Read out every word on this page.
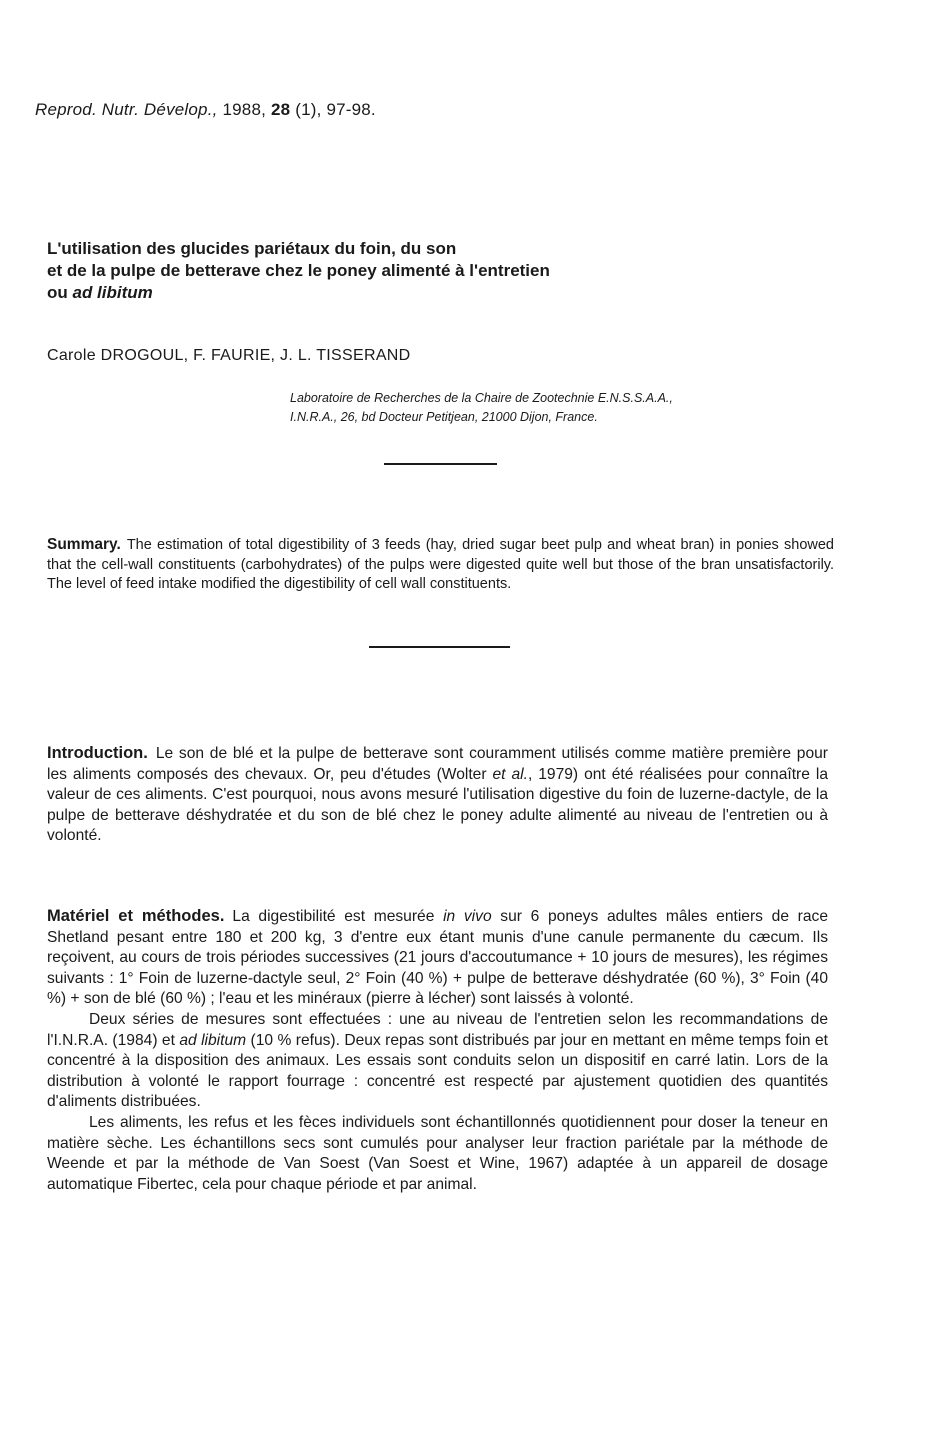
Reprod. Nutr. Dévelop., 1988, 28 (1), 97-98.
L'utilisation des glucides pariétaux du foin, du son
et de la pulpe de betterave chez le poney alimenté à l'entretien
ou ad libitum
Carole DROGOUL, F. FAURIE, J. L. TISSERAND
Laboratoire de Recherches de la Chaire de Zootechnie E.N.S.S.A.A.,
I.N.R.A., 26, bd Docteur Petitjean, 21000 Dijon, France.
Summary. The estimation of total digestibility of 3 feeds (hay, dried sugar beet pulp and wheat bran) in ponies showed that the cell-wall constituents (carbohydrates) of the pulps were digested quite well but those of the bran unsatisfactorily. The level of feed intake modified the digestibility of cell wall constituents.

Introduction. Le son de blé et la pulpe de betterave sont couramment utilisés comme matière première pour les aliments composés des chevaux. Or, peu d'études (Wolter et al., 1979) ont été réalisées pour connaître la valeur de ces aliments. C'est pourquoi, nous avons mesuré l'utilisation digestive du foin de luzerne-dactyle, de la pulpe de betterave déshydratée et du son de blé chez le poney adulte alimenté au niveau de l'entretien ou à volonté.

Matériel et méthodes. La digestibilité est mesurée in vivo sur 6 poneys adultes mâles entiers de race Shetland pesant entre 180 et 200 kg, 3 d'entre eux étant munis d'une canule permanente du cæcum. Ils reçoivent, au cours de trois périodes successives (21 jours d'accoutumance + 10 jours de mesures), les régimes suivants : 1° Foin de luzerne-dactyle seul, 2° Foin (40 %) + pulpe de betterave déshydratée (60 %), 3° Foin (40 %) + son de blé (60 %) ; l'eau et les minéraux (pierre à lécher) sont laissés à volonté.

Deux séries de mesures sont effectuées : une au niveau de l'entretien selon les recommandations de l'I.N.R.A. (1984) et ad libitum (10 % refus). Deux repas sont distribués par jour en mettant en même temps foin et concentré à la disposition des animaux. Les essais sont conduits selon un dispositif en carré latin. Lors de la distribution à volonté le rapport fourrage : concentré est respecté par ajustement quotidien des quantités d'aliments distribuées.

Les aliments, les refus et les fèces individuels sont échantillonnés quotidiennent pour doser la teneur en matière sèche. Les échantillons secs sont cumulés pour analyser leur fraction pariétale par la méthode de Weende et par la méthode de Van Soest (Van Soest et Wine, 1967) adaptée à un appareil de dosage automatique Fibertec, cela pour chaque période et par animal.
